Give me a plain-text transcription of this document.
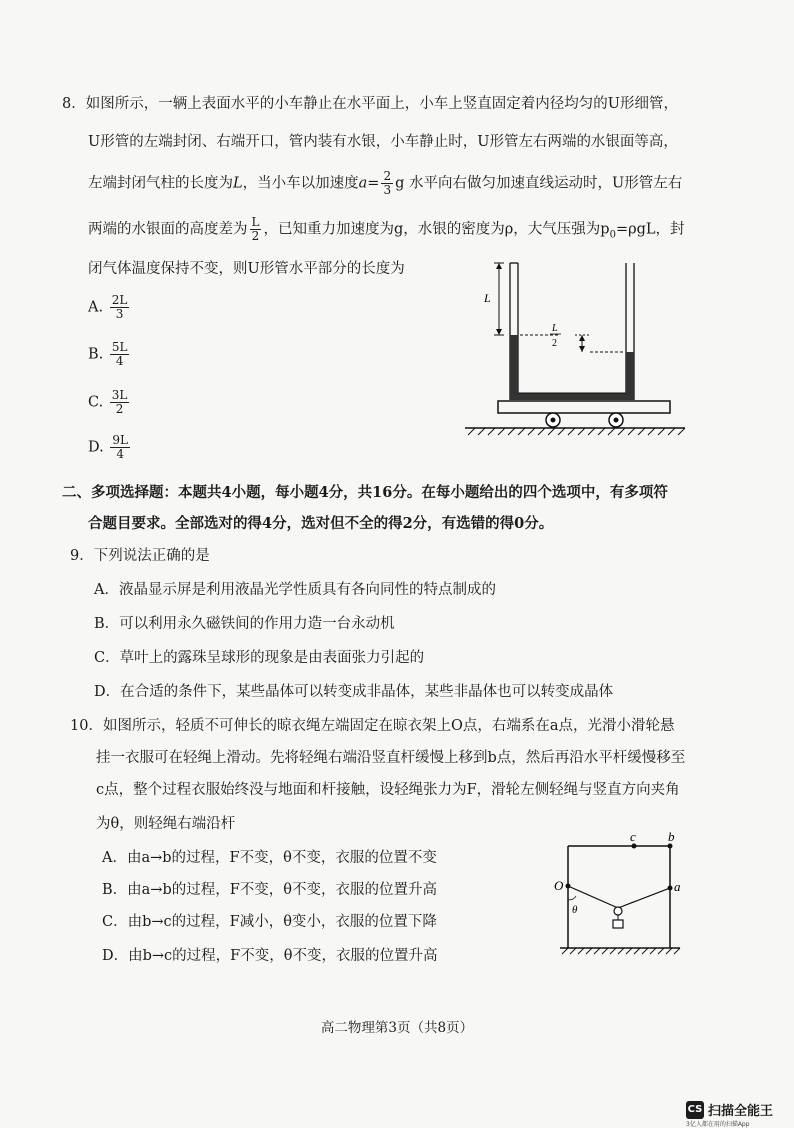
8．如图所示，一辆上表面水平的小车静止在水平面上，小车上竖直固定着内径均匀的U形细管，
U形管的左端封闭、右端开口，管内装有水银，小车静止时，U形管左右两端的水银面等高，
左端封闭气柱的长度为L，当小车以加速度$a= \frac{2}{3}$ g 水平向右做匀加速直线运动时，U形管左右
两端的水银面的高度差为 $\frac{L}{2}$ ，已知重力加速度为g，水银的密度为ρ，大气压强为$p_0=\rho gL$，封
闭气体温度保持不变，则U形管水平部分的长度为
A. $\frac{2L}{3}$
B. $\frac{5L}{4}$
C. $\frac{3L}{2}$
D. $\frac{9L}{4}$
L
L
2
二、多项选择题：本题共4小题，每小题4分，共16分。在每小题给出的四个选项中，有多项符
合题目要求。全部选对的得4分，选对但不全的得2分，有选错的得0分。
9．下列说法正确的是
A．液晶显示屏是利用液晶光学性质具有各向同性的特点制成的
B．可以利用永久磁铁间的作用力造一台永动机
C．草叶上的露珠呈球形的现象是由表面张力引起的
D．在合适的条件下，某些晶体可以转变成非晶体，某些非晶体也可以转变成晶体
10．如图所示，轻质不可伸长的晾衣绳左端固定在晾衣架上O点，右端系在a点，光滑小滑轮悬
挂一衣服可在轻绳上滑动。先将轻绳右端沿竖直杆缓慢上移到b点，然后再沿水平杆缓慢移至
c点，整个过程衣服始终没与地面和杆接触，设轻绳张力为F，滑轮左侧轻绳与竖直方向夹角
为θ，则轻绳右端沿杆
A．由a→b的过程，F不变，θ不变，衣服的位置不变
B．由a→b的过程，F不变，θ不变，衣服的位置升高
C．由b→c的过程，F减小，θ变小，衣服的位置下降
D．由b→c的过程，F不变，θ不变，衣服的位置升高
O	a
b
c
θ
高二物理第3页（共8页）
CS 扫描全能王
3亿人都在用的扫描App
